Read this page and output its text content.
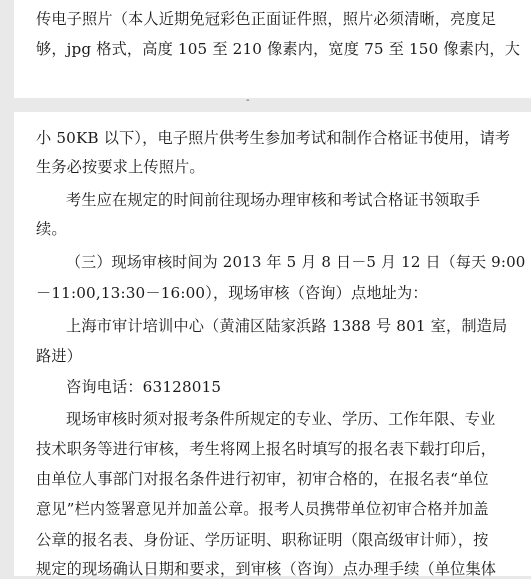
传电子照片（本人近期免冠彩色正面证件照，照片必须清晰，亮度足
够，jpg 格式，高度 105 至 210 像素内，宽度 75 至 150 像素内，大
-
小 50KB 以下），电子照片供考生参加考试和制作合格证书使用，请考
生务必按要求上传照片。
考生应在规定的时间前往现场办理审核和考试合格证书领取手
续。
（三）现场审核时间为 2013 年 5 月 8 日－5 月 12 日（每天 9:00
－11:00,13:30－16:00），现场审核（咨询）点地址为：
上海市审计培训中心（黄浦区陆家浜路 1388 号 801 室，制造局
路进）
咨询电话：63128015
现场审核时须对报考条件所规定的专业、学历、工作年限、专业
技术职务等进行审核，考生将网上报名时填写的报名表下载打印后，
由单位人事部门对报名条件进行初审，初审合格的，在报名表“单位
意见”栏内签署意见并加盖公章。报考人员携带单位初审合格并加盖
公章的报名表、身份证、学历证明、职称证明（限高级审计师），按
规定的现场确认日期和要求，到审核（咨询）点办理手续（单位集体
